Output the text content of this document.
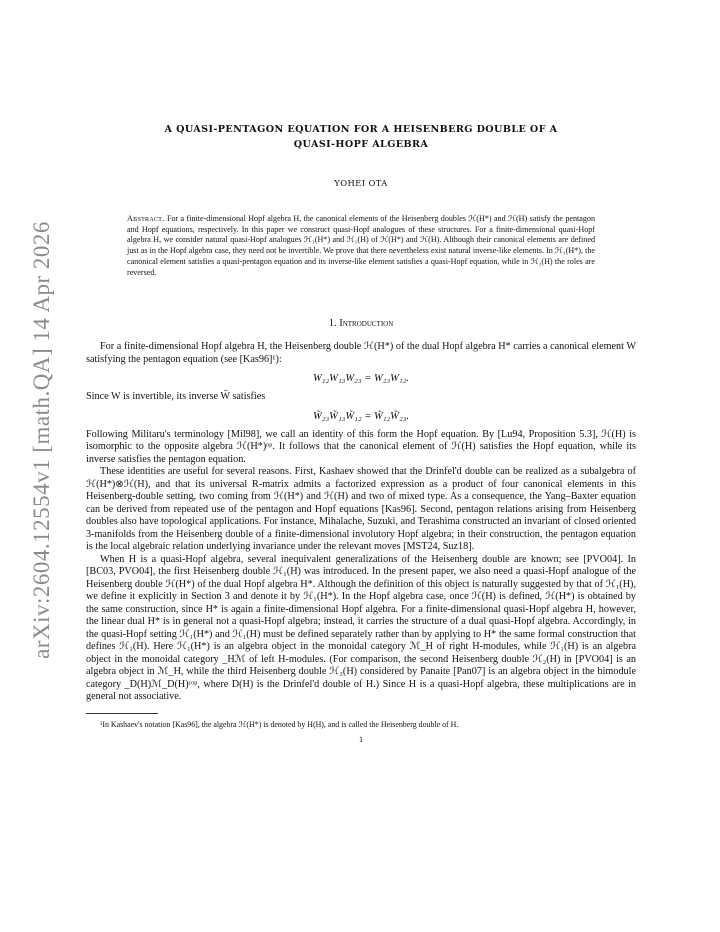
arXiv:2604.12554v1 [math.QA] 14 Apr 2026

A QUASI-PENTAGON EQUATION FOR A HEISENBERG DOUBLE OF A
QUASI-HOPF ALGEBRA

YOHEI OTA
Abstract. For a finite-dimensional Hopf algebra H, the canonical elements of the Heisenberg doubles ℋ(H*) and ℋ(H) satisfy the pentagon and Hopf equations, respectively. In this paper we construct quasi-Hopf analogues of these structures. For a finite-dimensional quasi-Hopf algebra H, we consider natural quasi-Hopf analogues ℋ₁(H*) and ℋ₁(H) of ℋ(H*) and ℋ(H). Although their canonical elements are defined just as in the Hopf algebra case, they need not be invertible. We prove that there nevertheless exist natural inverse-like elements. In ℋ₁(H*), the canonical element satisfies a quasi-pentagon equation and its inverse-like element satisfies a quasi-Hopf equation, while in ℋ₁(H) the roles are reversed.
1. Introduction

For a finite-dimensional Hopf algebra H, the Heisenberg double ℋ(H*) of the dual Hopf algebra H* carries a canonical element W satisfying the pentagon equation (see [Kas96]¹):

W₁₂W₁₃W₂₃ = W₂₃W₁₂.

Since W is invertible, its inverse W̃ satisfies

W̃₂₃W̃₁₃W̃₁₂ = W̃₁₂W̃₂₃.

Following Militaru's terminology [Mil98], we call an identity of this form the Hopf equation. By [Lu94, Proposition 5.3], ℋ(H) is isomorphic to the opposite algebra ℋ(H*)ᵒᵖ. It follows that the canonical element of ℋ(H) satisfies the Hopf equation, while its inverse satisfies the pentagon equation.

These identities are useful for several reasons. First, Kashaev showed that the Drinfel'd double can be realized as a subalgebra of ℋ(H*)⊗ℋ(H), and that its universal R-matrix admits a factorized expression as a product of four canonical elements in this Heisenberg-double setting, two coming from ℋ(H*) and ℋ(H) and two of mixed type. As a consequence, the Yang–Baxter equation can be derived from repeated use of the pentagon and Hopf equations [Kas96]. Second, pentagon relations arising from Heisenberg doubles also have topological applications. For instance, Mihalache, Suzuki, and Terashima constructed an invariant of closed oriented 3-manifolds from the Heisenberg double of a finite-dimensional involutory Hopf algebra; in their construction, the pentagon equation is the local algebraic relation underlying invariance under the relevant moves [MST24, Suz18].

When H is a quasi-Hopf algebra, several inequivalent generalizations of the Heisenberg double are known; see [PVO04]. In [BC03, PVO04], the first Heisenberg double ℋ₁(H) was introduced. In the present paper, we also need a quasi-Hopf analogue of the Heisenberg double ℋ(H*) of the dual Hopf algebra H*. Although the definition of this object is naturally suggested by that of ℋ₁(H), we define it explicitly in Section 3 and denote it by ℋ₁(H*). In the Hopf algebra case, once ℋ(H) is defined, ℋ(H*) is obtained by the same construction, since H* is again a finite-dimensional Hopf algebra. For a finite-dimensional quasi-Hopf algebra H, however, the linear dual H* is in general not a quasi-Hopf algebra; instead, it carries the structure of a dual quasi-Hopf algebra. Accordingly, in the quasi-Hopf setting ℋ₁(H*) and ℋ₁(H) must be defined separately rather than by applying to H* the same formal construction that defines ℋ₁(H). Here ℋ₁(H*) is an algebra object in the monoidal category ℳ_H of right H-modules, while ℋ₁(H) is an algebra object in the monoidal category _Hℳ of left H-modules. (For comparison, the second Heisenberg double ℋ₂(H) in [PVO04] is an algebra object in ℳ_H, while the third Heisenberg double ℋ₃(H) considered by Panaite [Pan07] is an algebra object in the bimodule category _D(H)ℳ_D(H)ᶜᵒᵖ, where D(H) is the Drinfel'd double of H.) Since H is a quasi-Hopf algebra, these multiplications are in general not associative.

¹In Kashaev's notation [Kas96], the algebra ℋ(H*) is denoted by H(H), and is called the Heisenberg double of H.
1
